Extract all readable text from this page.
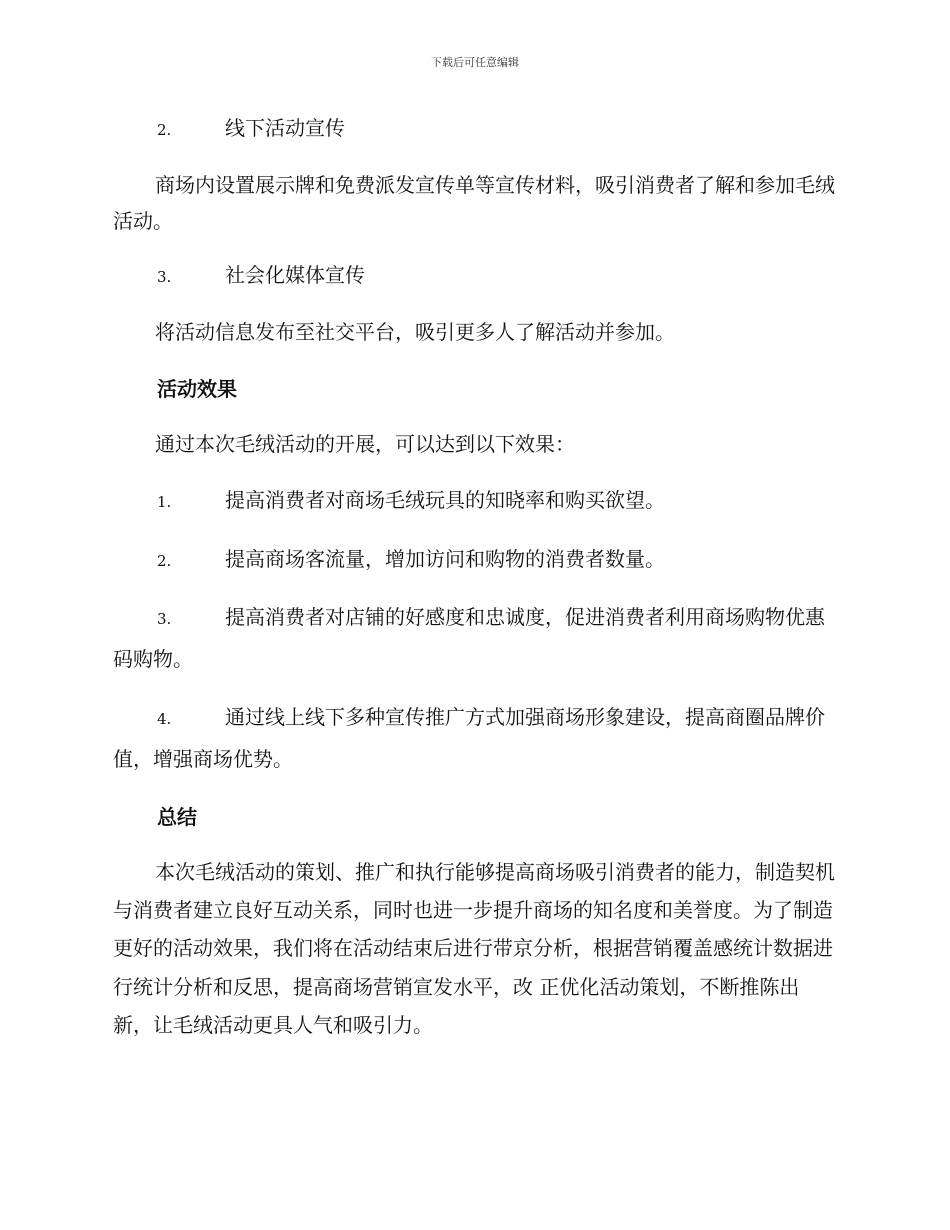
下载后可任意编辑
2.	线下活动宣传
商场内设置展示牌和免费派发宣传单等宣传材料，吸引消费者了解和参加毛绒活动。
3.	社会化媒体宣传
将活动信息发布至社交平台，吸引更多人了解活动并参加。
活动效果
通过本次毛绒活动的开展，可以达到以下效果：
1.	提高消费者对商场毛绒玩具的知晓率和购买欲望。
2.	提高商场客流量，增加访问和购物的消费者数量。
3.	提高消费者对店铺的好感度和忠诚度，促进消费者利用商场购物优惠码购物。
4.	通过线上线下多种宣传推广方式加强商场形象建设，提高商圈品牌价值，增强商场优势。
总结
本次毛绒活动的策划、推广和执行能够提高商场吸引消费者的能力，制造契机与消费者建立良好互动关系，同时也进一步提升商场的知名度和美誉度。为了制造更好的活动效果，我们将在活动结束后进行带京分析，根据营销覆盖感统计数据进行统计分析和反思，提高商场营销宣发水平，改 正优化活动策划，不断推陈出新，让毛绒活动更具人气和吸引力。
